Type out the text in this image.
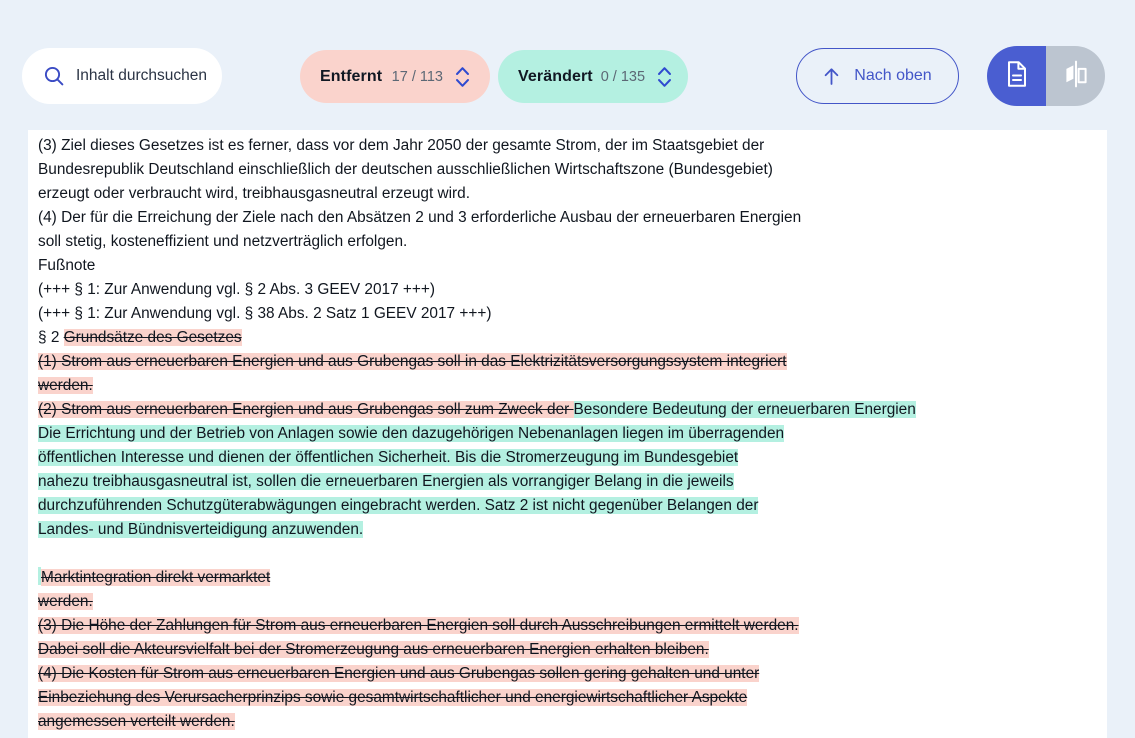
Inhalt durchsuchen
Entfernt 17 / 113	Verändert 0 / 135	Nach oben
(3) Ziel dieses Gesetzes ist es ferner, dass vor dem Jahr 2050 der gesamte Strom, der im Staatsgebiet der
Bundesrepublik Deutschland einschließlich der deutschen ausschließlichen Wirtschaftszone (Bundesgebiet)
erzeugt oder verbraucht wird, treibhausgasneutral erzeugt wird.
(4) Der für die Erreichung der Ziele nach den Absätzen 2 und 3 erforderliche Ausbau der erneuerbaren Energien
soll stetig, kosteneffizient und netzverträglich erfolgen.
Fußnote
(+++ § 1: Zur Anwendung vgl. § 2 Abs. 3 GEEV 2017 +++)
(+++ § 1: Zur Anwendung vgl. § 38 Abs. 2 Satz 1 GEEV 2017 +++)
§ 2 Grundsätze des Gesetzes
(1) Strom aus erneuerbaren Energien und aus Grubengas soll in das Elektrizitätsversorgungssystem integriert
werden.
(2) Strom aus erneuerbaren Energien und aus Grubengas soll zum Zweck der Besondere Bedeutung der erneuerbaren Energien
Die Errichtung und der Betrieb von Anlagen sowie den dazugehörigen Nebenanlagen liegen im überragenden
öffentlichen Interesse und dienen der öffentlichen Sicherheit. Bis die Stromerzeugung im Bundesgebiet
nahezu treibhausgasneutral ist, sollen die erneuerbaren Energien als vorrangiger Belang in die jeweils
durchzuführenden Schutzgüterabwägungen eingebracht werden. Satz 2 ist nicht gegenüber Belangen der
Landes- und Bündnisverteidigung anzuwenden.

Marktintegration direkt vermarktet
werden.
(3) Die Höhe der Zahlungen für Strom aus erneuerbaren Energien soll durch Ausschreibungen ermittelt werden.
Dabei soll die Akteursvielfalt bei der Stromerzeugung aus erneuerbaren Energien erhalten bleiben.
(4) Die Kosten für Strom aus erneuerbaren Energien und aus Grubengas sollen gering gehalten und unter
Einbeziehung des Verursacherprinzips sowie gesamtwirtschaftlicher und energiewirtschaftlicher Aspekte
angemessen verteilt werden.
